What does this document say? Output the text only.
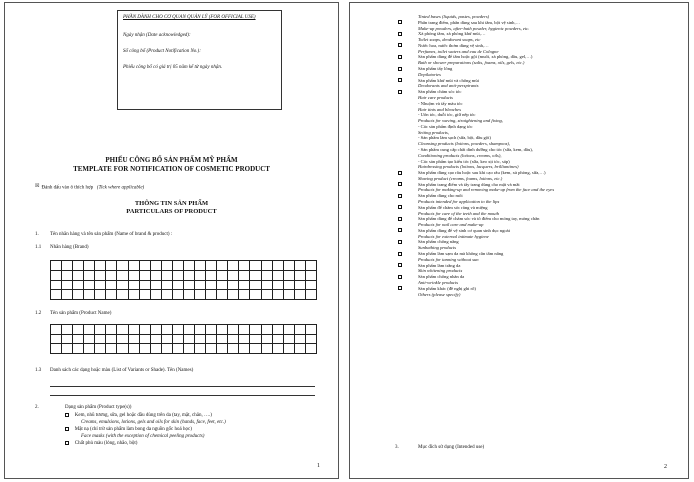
PHẦN DÀNH CHO CƠ QUAN QUẢN LÝ (FOR OFFICIAL USE)
Ngày nhận (Date acknowledged):
Số công bố (Product Notification No.):
Phiếu công bố có giá trị 05 năm kể từ ngày nhận.
PHIẾU CÔNG BỐ SẢN PHẨM MỸ PHẨM
TEMPLATE FOR NOTIFICATION OF COSMETIC PRODUCT
☒ Đánh dấu vào ô thích hợp (Tick where applicable)
THÔNG TIN SẢN PHẨM
PARTICULARS OF PRODUCT
1. Tên nhãn hàng và tên sản phẩm (Name of brand & product) :
1.1 Nhãn hàng (Brand)
1.2 Tên sản phẩm (Product Name)
1.3 Danh sách các dạng hoặc màu (List of Variants or Shade). Tên (Names)
2.	Dạng sản phẩm (Product type(s))
Kem, nhũ tương, sữa, gel hoặc dầu dùng trên da (tay, mặt, chân, ….)
Creams, emulsions, lotions, gels and oils for skin (hands, face, feet, etc.)
Mặt nạ (chỉ trừ sản phẩm làm bong da nguồn gốc hoá học)
Face masks (with the exception of chemical peeling products)
Chất phủ màu (lỏng, nhão, bột)
1
Tinted bases (liquids, pastes, powders)
Phấn trang điểm, phấn dùng sau khi tắm, bột vệ sinh,…
Make-up powders, after-bath powder, hygienic powders, etc.
Xà phòng tắm, xà phòng khử mùi,…
Toilet soaps, deodorant soaps, etc
Nước hoa, nước thơm dùng vệ sinh,…
Perfumes, toilet waters and eau de Cologne
Sản phẩm dùng để tắm hoặc gội (muối, xà phòng, dầu, gel,…)
Bath or shower preparations (salts, foams, oils, gels, etc.)
Sản phẩm tẩy lông
Depilatories
Sản phẩm khử mùi và chống mùi
Deodorants and anti-perspirants
Sản phẩm chăm sóc tóc
Hair care products
- Nhuộm và tẩy màu tóc
Hair tints and bleaches
- Uốn tóc, duỗi tóc, giữ nếp tóc
Products for waving, straightening and fixing,
- Các sản phẩm định dạng tóc
Setting products,
- Sản phẩm làm sạch (sữa, bột, dầu gội)
Cleansing products (lotions, powders, shampoos),
- Sản phẩm cung cấp chất dinh dưỡng cho tóc (sữa, kem, dầu),
Conditioning products (lotions, creams, oils),
- Các sản phẩm tạo kiểu tóc (sữa, keo xịt tóc, sáp)
Hairdressing products (lotions, lacquers, brilliantines)
Sản phẩm dùng cạo râu hoặc sau khi cạo râu (kem, xà phòng, sữa,…)
Shaving product (creams, foams, lotions, etc.)
Sản phẩm trang điểm và tẩy trang dùng cho mặt và mắt
Products for making-up and removing make-up from the face and the eyes
Sản phẩm dùng cho môi
Products intended for application to the lips
Sản phẩm để chăm sóc răng và miệng
Products for care of the teeth and the mouth
Sản phẩm dùng để chăm sóc và tô điểm cho móng tay, móng chân
Products for nail care and make-up
Sản phẩm dùng để vệ sinh cơ quan sinh dục ngoài
Products for external intimate hygiene
Sản phẩm chống nắng
Sunbathing products
Sản phẩm làm sạm da mà không cần tắm nắng
Products for tanning without sun
Sản phẩm làm trắng da
Skin whitening products
Sản phẩm chống nhăn da
Anti-wrinkle products
Sản phẩm khác (đề nghị ghi rõ)
Others (please specify)
3.	Mục đích sử dụng (Intended use)
2
